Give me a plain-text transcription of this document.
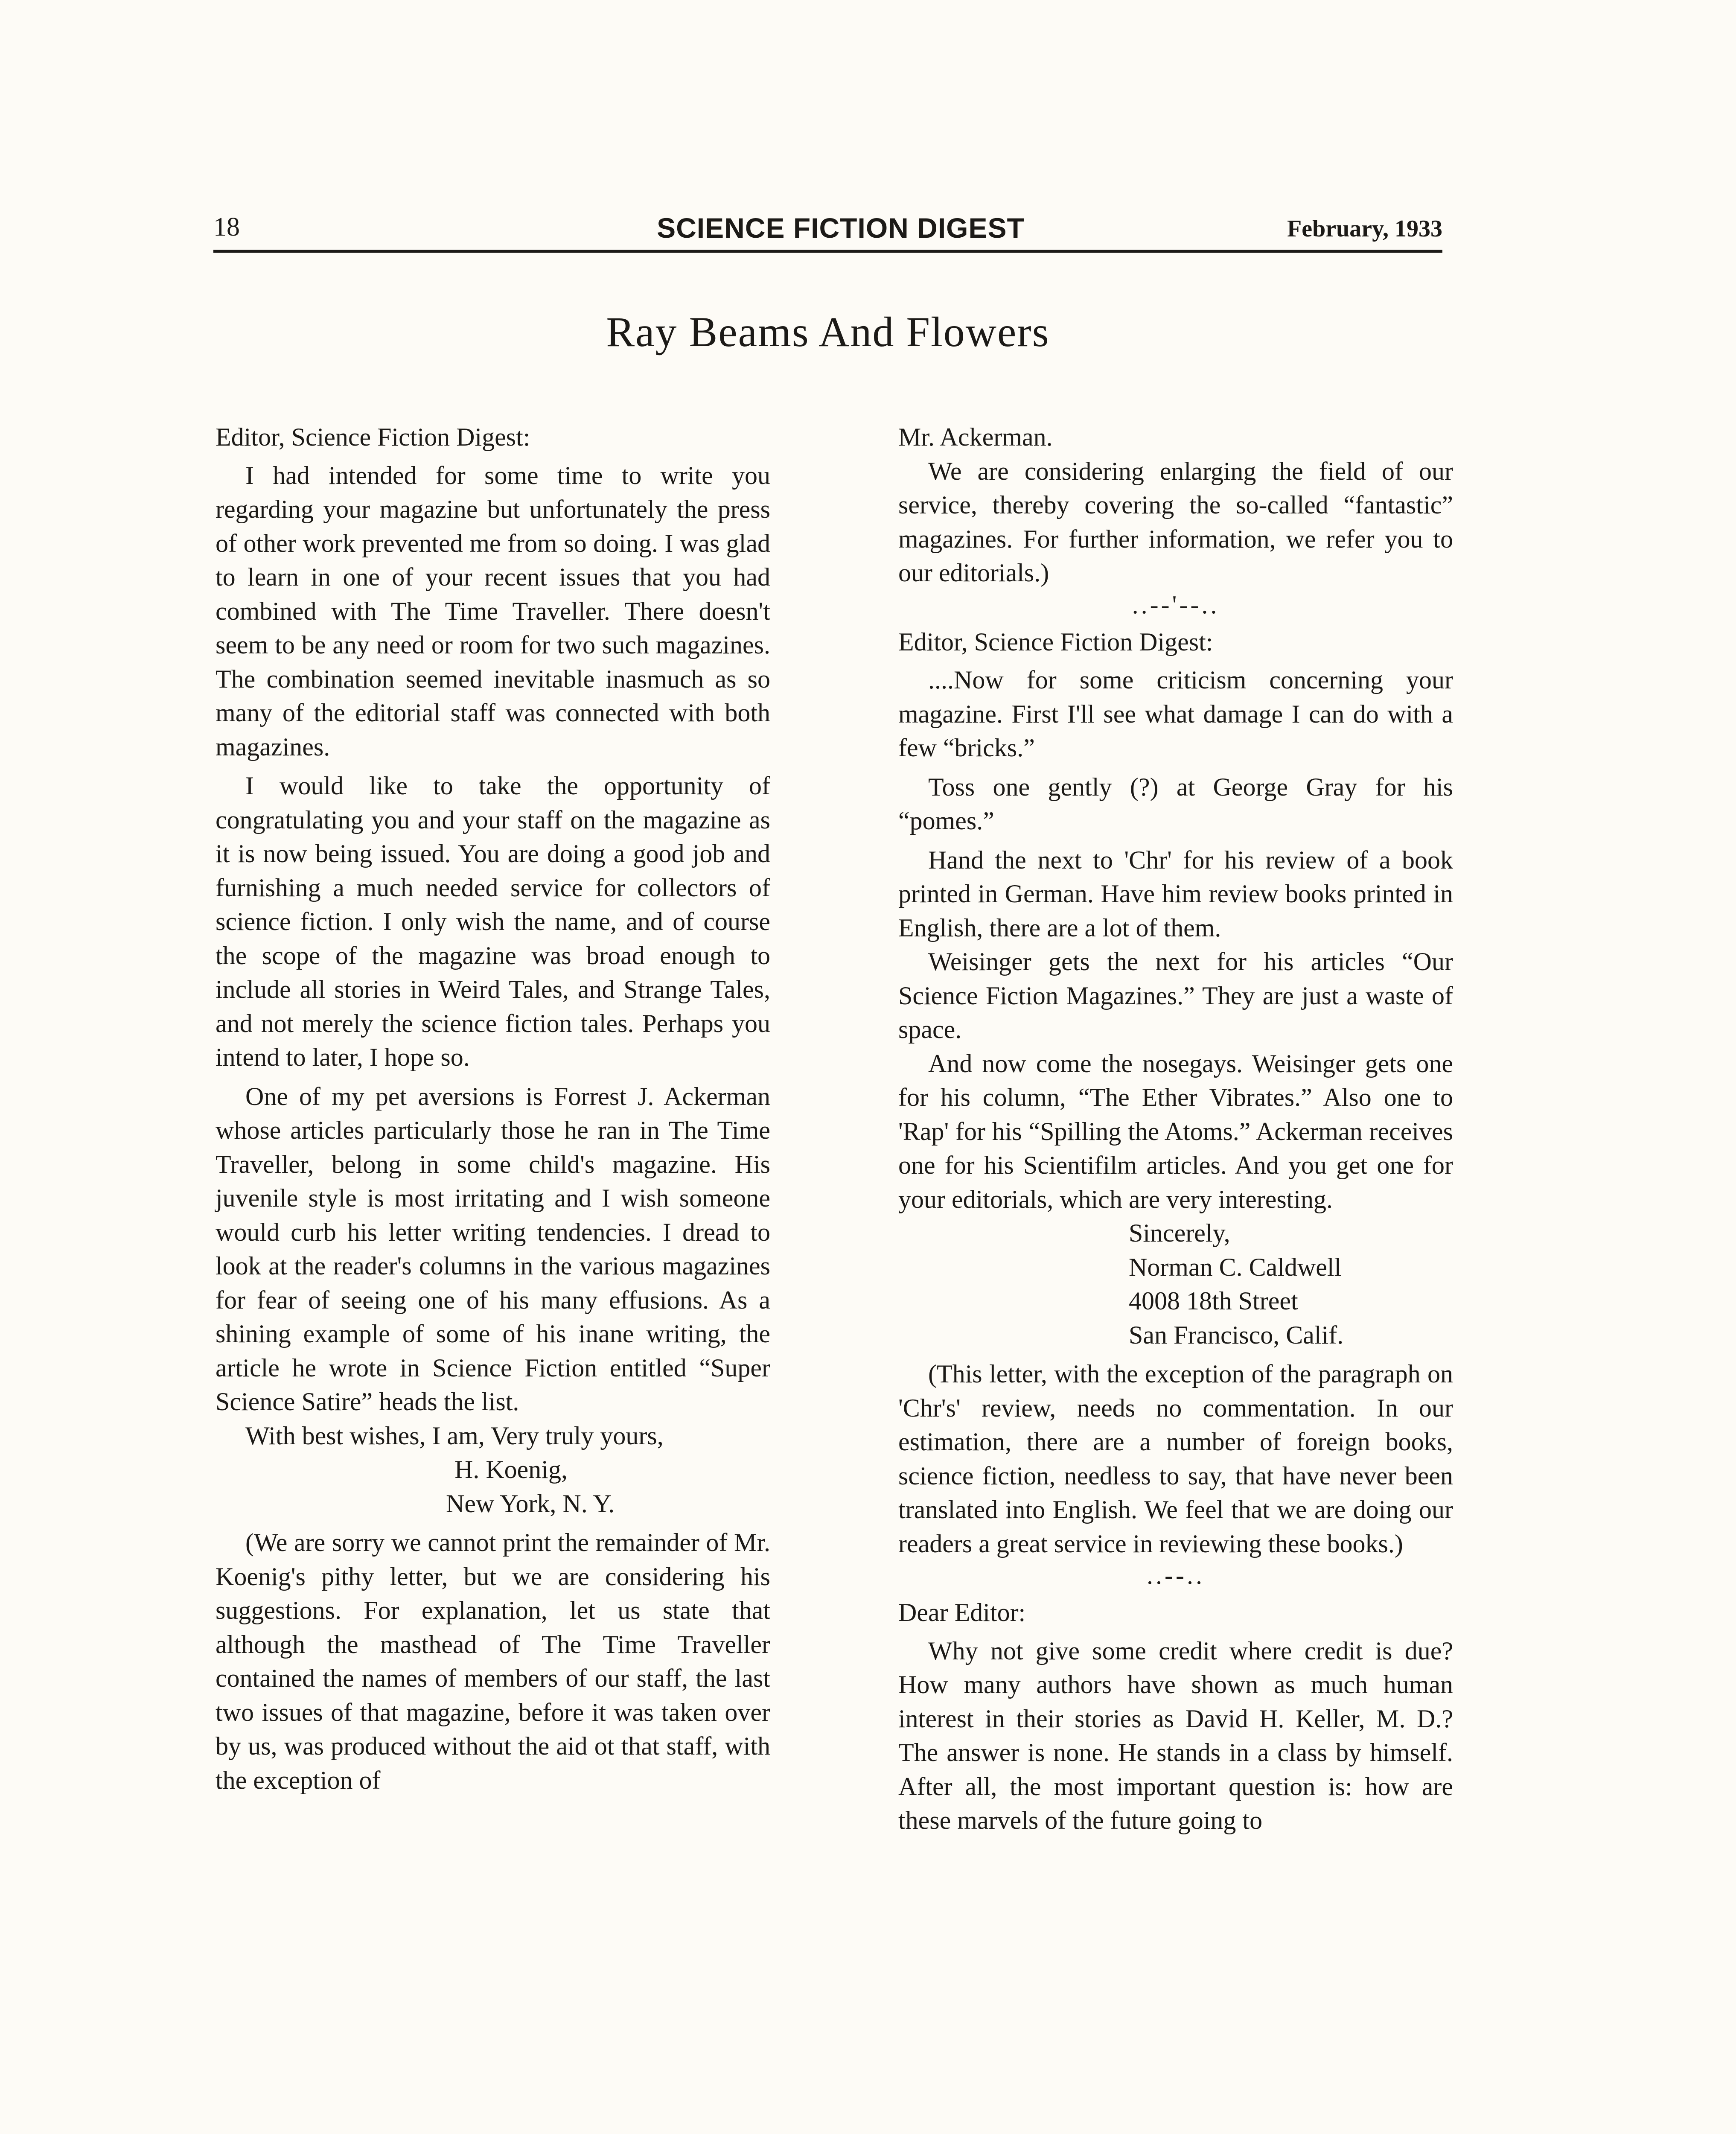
18	SCIENCE FICTION DIGEST	February, 1933
Ray Beams And Flowers

Editor, Science Fiction Digest:

I had intended for some time to write you regarding your magazine but unfortunately the press of other work prevented me from so doing. I was glad to learn in one of your recent issues that you had combined with The Time Traveller. There doesn't seem to be any need or room for two such magazines. The combination seemed inevitable inasmuch as so many of the editorial staff was connected with both magazines.

I would like to take the opportunity of congratulating you and your staff on the magazine as it is now being issued. You are doing a good job and furnishing a much needed service for collectors of science fiction. I only wish the name, and of course the scope of the magazine was broad enough to include all stories in Weird Tales, and Strange Tales, and not merely the science fiction tales. Perhaps you intend to later, I hope so.

One of my pet aversions is Forrest J. Ackerman whose articles particularly those he ran in The Time Traveller, belong in some child's magazine. His juvenile style is most irritating and I wish someone would curb his letter writing tendencies. I dread to look at the reader's columns in the various magazines for fear of seeing one of his many effusions. As a shining example of some of his inane writing, the article he wrote in Science Fiction entitled “Super Science Satire” heads the list.

With best wishes, I am, Very truly yours,

H. Koenig,

New York, N. Y.

(We are sorry we cannot print the remainder of Mr. Koenig's pithy letter, but we are considering his suggestions. For explanation, let us state that although the masthead of The Time Traveller contained the names of members of our staff, the last two issues of that magazine, before it was taken over by us, was produced without the aid ot that staff, with the exception of

Mr. Ackerman.

We are considering enlarging the field of our service, thereby covering the so-called “fantastic” magazines. For further information, we refer you to our editorials.)

..--'--..

Editor, Science Fiction Digest:

....Now for some criticism concerning your magazine. First I'll see what damage I can do with a few “bricks.”

Toss one gently (?) at George Gray for his “pomes.”

Hand the next to 'Chr' for his review of a book printed in German. Have him review books printed in English, there are a lot of them.

Weisinger gets the next for his articles “Our Science Fiction Magazines.” They are just a waste of space.

And now come the nosegays. Weisinger gets one for his column, “The Ether Vibrates.” Also one to 'Rap' for his “Spilling the Atoms.” Ackerman receives one for his Scientifilm articles. And you get one for your editorials, which are very interesting.

Sincerely,

Norman C. Caldwell

4008 18th Street

San Francisco, Calif.

(This letter, with the exception of the paragraph on 'Chr's' review, needs no commentation. In our estimation, there are a number of foreign books, science fiction, needless to say, that have never been translated into English. We feel that we are doing our readers a great service in reviewing these books.)

..--..

Dear Editor:

Why not give some credit where credit is due? How many authors have shown as much human interest in their stories as David H. Keller, M. D.? The answer is none. He stands in a class by himself. After all, the most important question is: how are these marvels of the future going to
